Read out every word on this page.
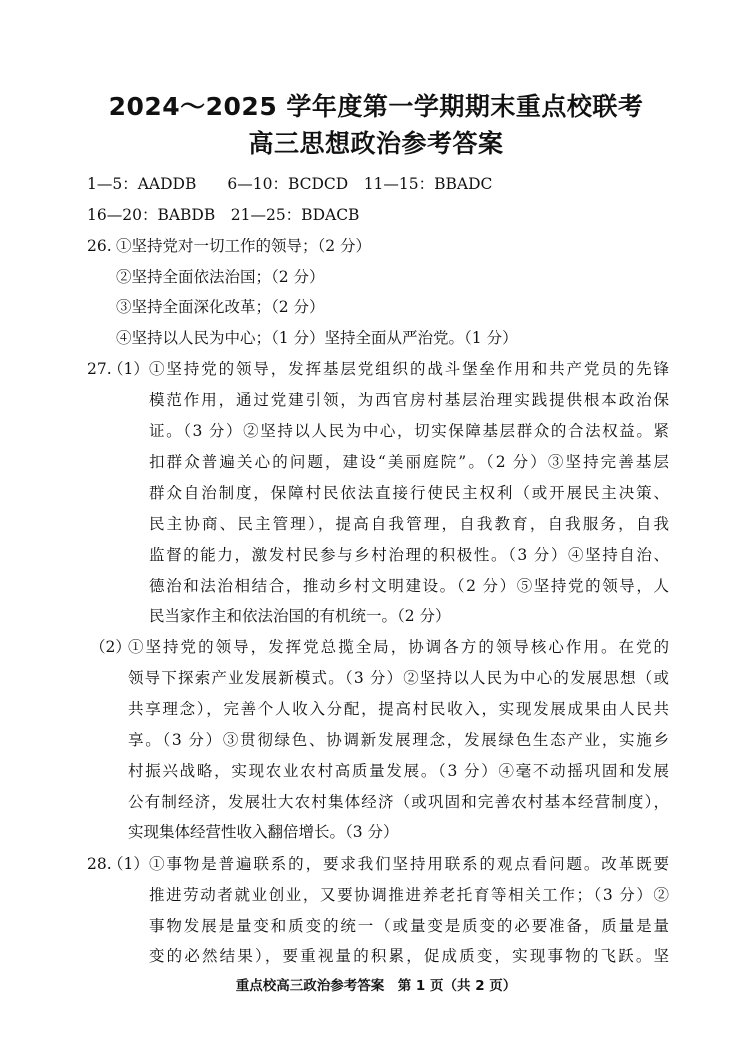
2024～2025 学年度第一学期期末重点校联考
高三思想政治参考答案
1—5：AADDB　　6—10：BCDCD　11—15：BBADC
16—20：BABDB　21—25：BDACB
26. ①坚持党对一切工作的领导；（2 分）
②坚持全面依法治国；（2 分）
③坚持全面深化改革；（2 分）
④坚持以人民为中心；（1 分）坚持全面从严治党。（1 分）
27.
（1） ①坚持党的领导，发挥基层党组织的战斗堡垒作用和共产党员的先锋
模范作用，通过党建引领，为西官房村基层治理实践提供根本政治保
证。（3 分）②坚持以人民为中心，切实保障基层群众的合法权益。紧
扣群众普遍关心的问题，建设“美丽庭院”。（2 分）③坚持完善基层
群众自治制度，保障村民依法直接行使民主权利（或开展民主决策、
民主协商、民主管理），提高自我管理，自我教育，自我服务，自我
监督的能力，激发村民参与乡村治理的积极性。（3 分）④坚持自治、
德治和法治相结合，推动乡村文明建设。（2 分）⑤坚持党的领导，人
民当家作主和依法治国的有机统一。（2 分）
（2）
①坚持党的领导，发挥党总揽全局，协调各方的领导核心作用。在党的
领导下探索产业发展新模式。（3 分）②坚持以人民为中心的发展思想（或
共享理念），完善个人收入分配，提高村民收入，实现发展成果由人民共
享。（3 分）③贯彻绿色、协调新发展理念，发展绿色生态产业，实施乡
村振兴战略，实现农业农村高质量发展。（3 分）④毫不动摇巩固和发展
公有制经济，发展壮大农村集体经济（或巩固和完善农村基本经营制度），
实现集体经营性收入翻倍增长。（3 分）
28.
（1） ①事物是普遍联系的，要求我们坚持用联系的观点看问题。改革既要
推进劳动者就业创业，又要协调推进养老托育等相关工作；（3 分）②
事物发展是量变和质变的统一（或量变是质变的必要准备，质量是量
变的必然结果），要重视量的积累，促成质变，实现事物的飞跃。坚
重点校高三政治参考答案　第 1 页（共 2 页）
